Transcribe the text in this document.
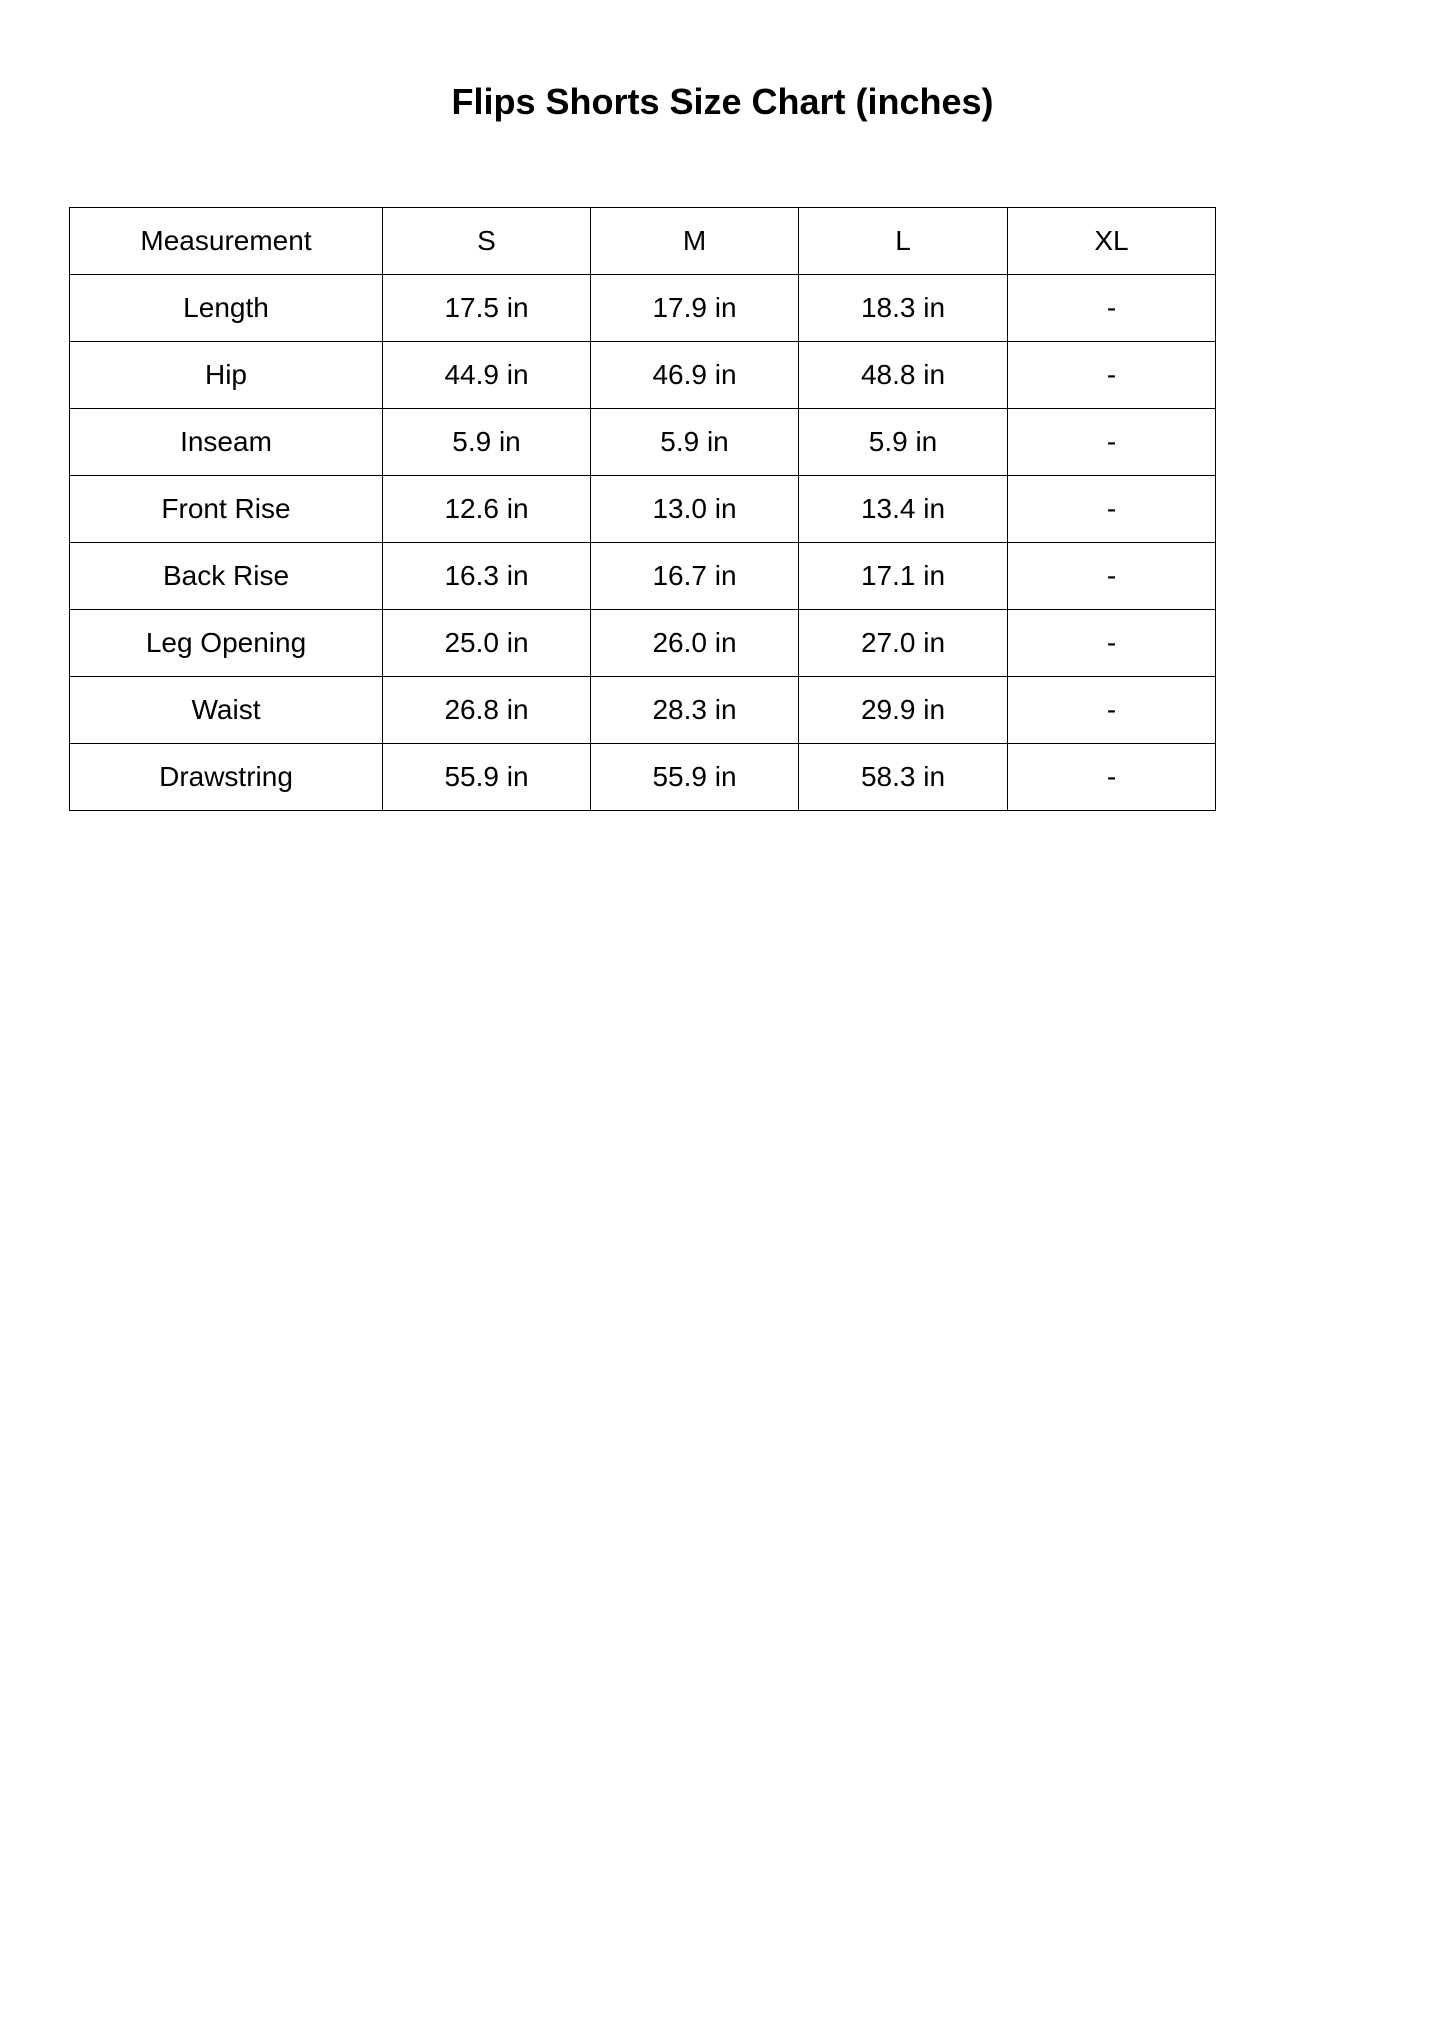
Flips Shorts Size Chart (inches)
Measurement	S	M	L	XL
Length	17.5 in	17.9 in	18.3 in	-
Hip	44.9 in	46.9 in	48.8 in	-
Inseam	5.9 in	5.9 in	5.9 in	-
Front Rise	12.6 in	13.0 in	13.4 in	-
Back Rise	16.3 in	16.7 in	17.1 in	-
Leg Opening	25.0 in	26.0 in	27.0 in	-
Waist	26.8 in	28.3 in	29.9 in	-
Drawstring	55.9 in	55.9 in	58.3 in	-
